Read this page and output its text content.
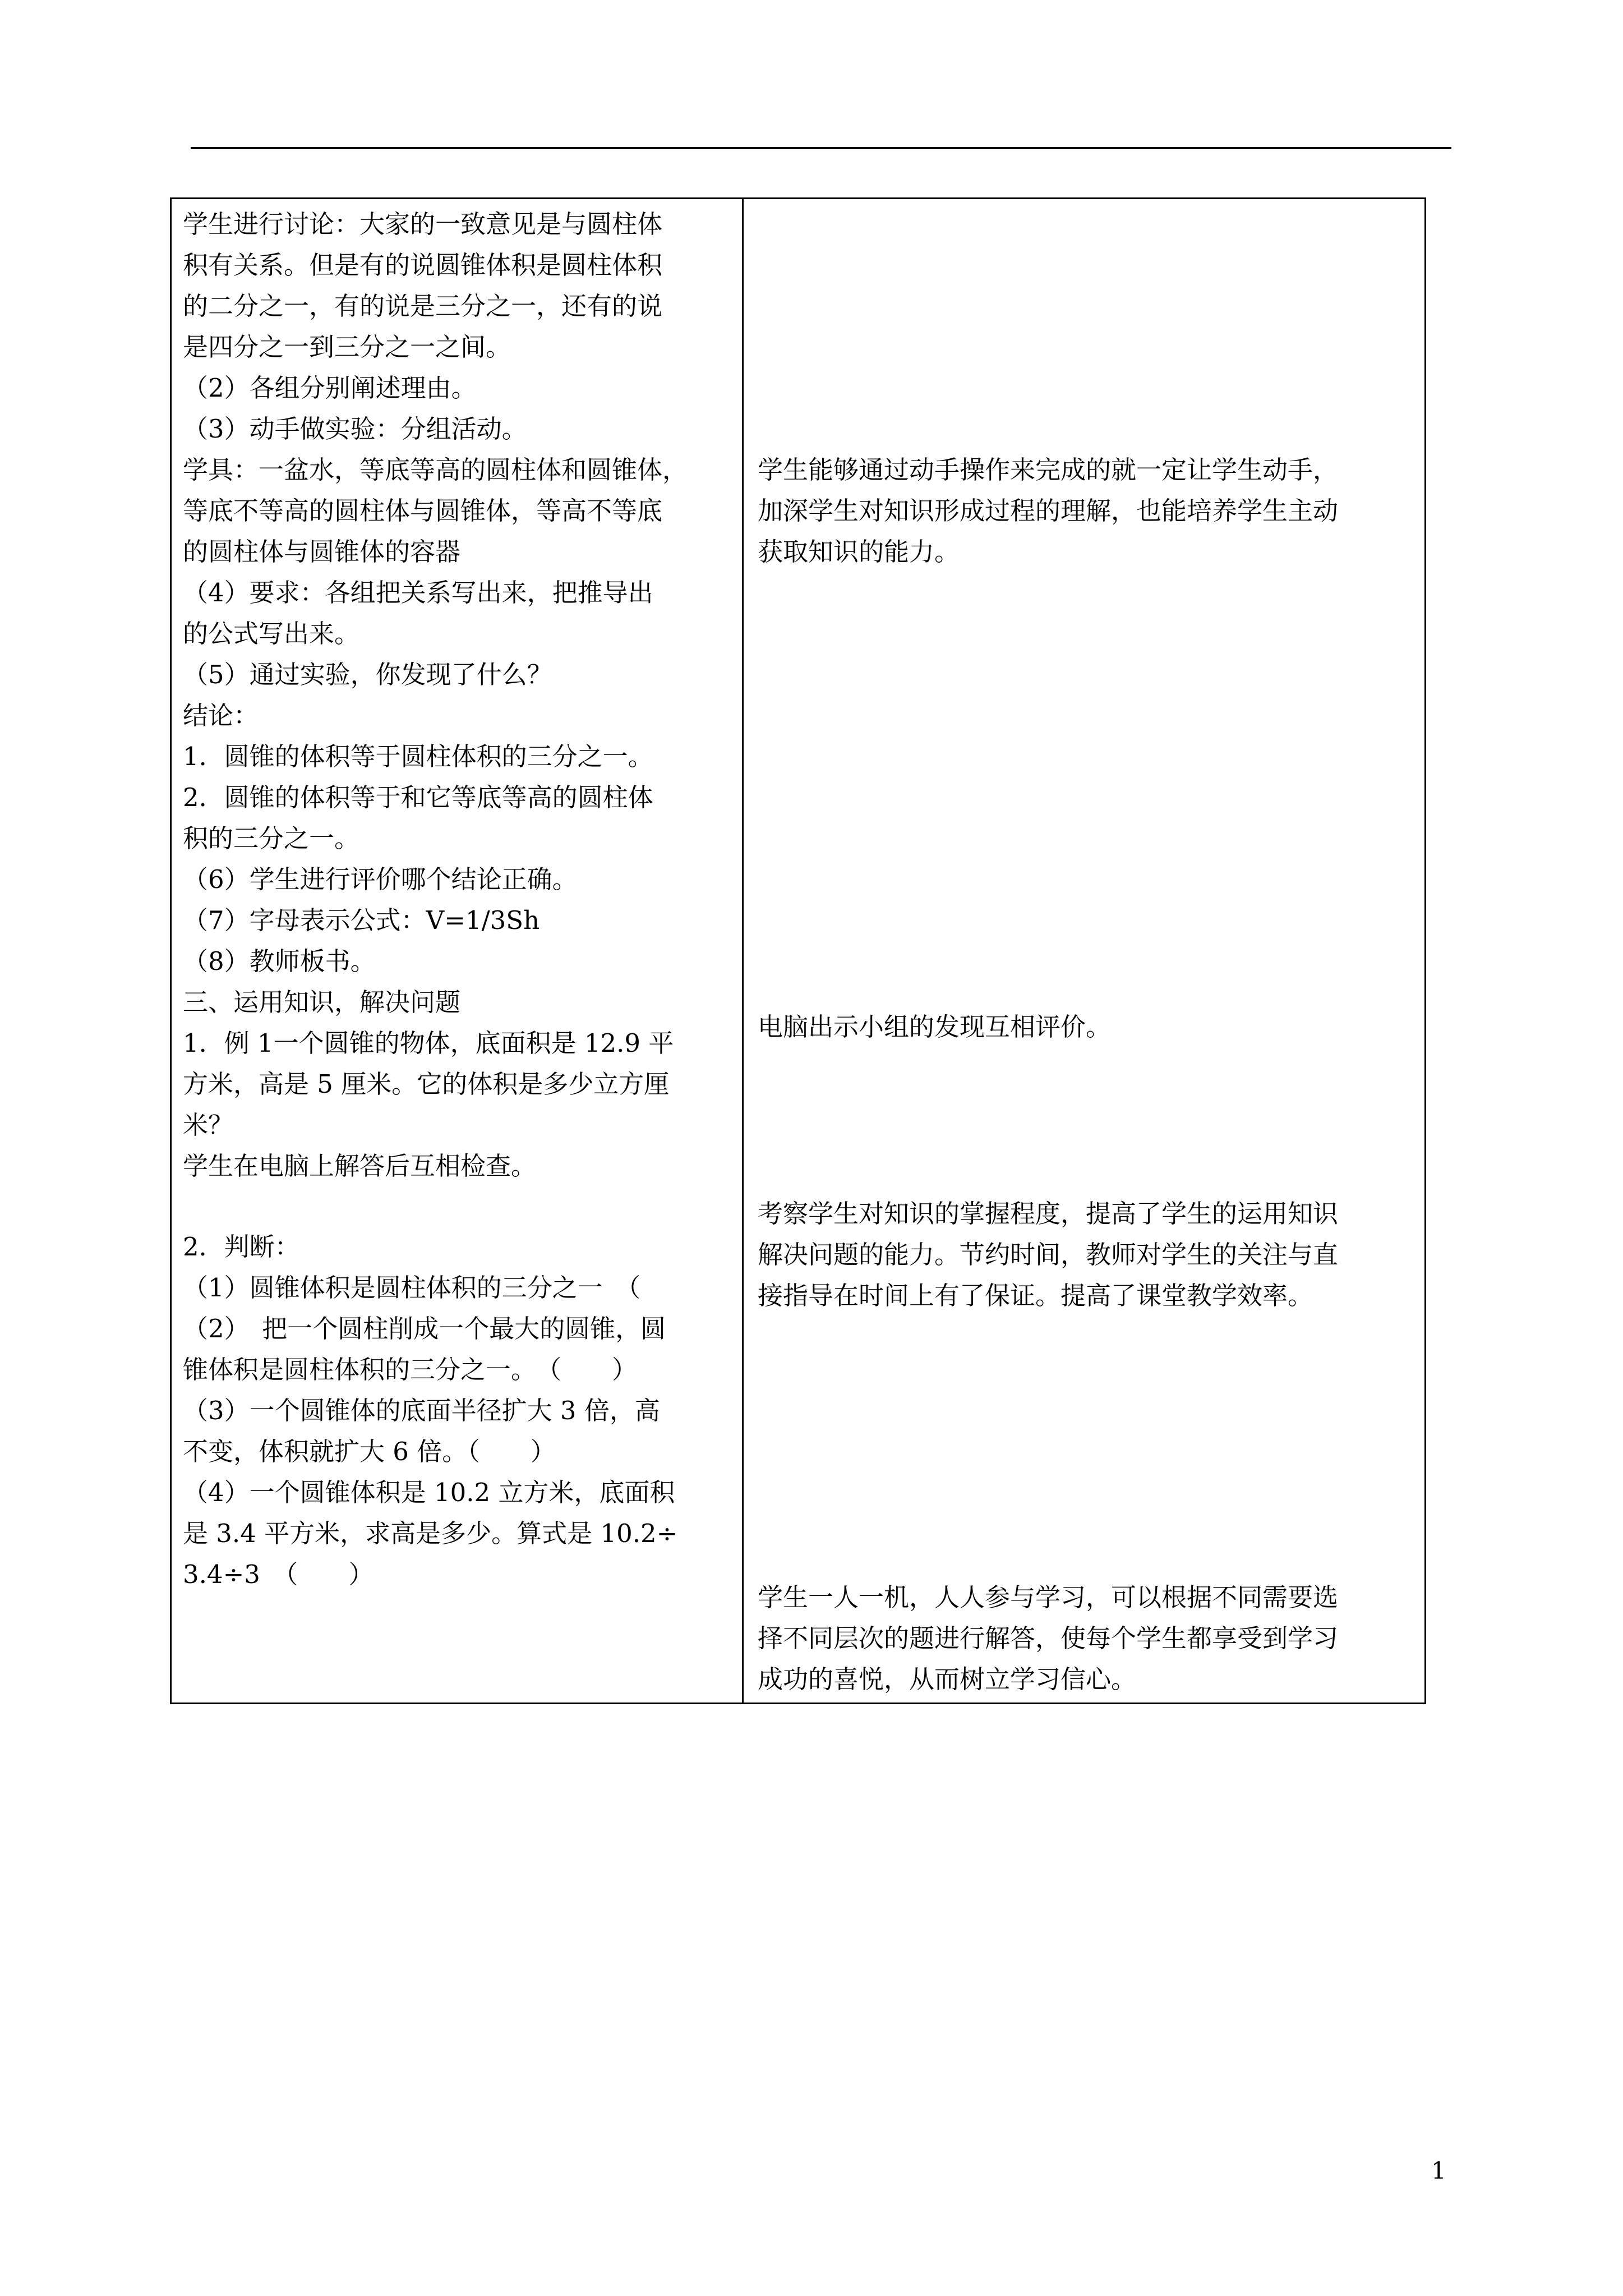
学生进行讨论：大家的一致意见是与圆柱体
积有关系。但是有的说圆锥体积是圆柱体积
的二分之一，有的说是三分之一，还有的说
是四分之一到三分之一之间。
（2）各组分别阐述理由。
（3）动手做实验：分组活动。
学具：一盆水，等底等高的圆柱体和圆锥体，
等底不等高的圆柱体与圆锥体，等高不等底
的圆柱体与圆锥体的容器
（4）要求：各组把关系写出来，把推导出
的公式写出来。
（5）通过实验，你发现了什么？
结论：
1．圆锥的体积等于圆柱体积的三分之一。
2．圆锥的体积等于和它等底等高的圆柱体
积的三分之一。
（6）学生进行评价哪个结论正确。
（7）字母表示公式：V=1/3Sh
（8）教师板书。
三、运用知识，解决问题
1．例 1一个圆锥的物体，底面积是 12.9 平
方米，高是 5 厘米。它的体积是多少立方厘
米？
学生在电脑上解答后互相检查。
2．判断：
（1）圆锥体积是圆柱体积的三分之一　（
（2）　把一个圆柱削成一个最大的圆锥，圆
锥体积是圆柱体积的三分之一。　（　　）
（3）一个圆锥体的底面半径扩大 3 倍，高
不变，体积就扩大 6 倍。（　　）
（4）一个圆锥体积是 10.2 立方米，底面积
是 3.4 平方米，求高是多少。算式是 10.2÷
3.4÷3　（　　）
学生能够通过动手操作来完成的就一定让学生动手，
加深学生对知识形成过程的理解，也能培养学生主动
获取知识的能力。
电脑出示小组的发现互相评价。
考察学生对知识的掌握程度，提高了学生的运用知识
解决问题的能力。节约时间，教师对学生的关注与直
接指导在时间上有了保证。提高了课堂教学效率。
学生一人一机，人人参与学习，可以根据不同需要选
择不同层次的题进行解答，使每个学生都享受到学习
成功的喜悦，从而树立学习信心。
1
